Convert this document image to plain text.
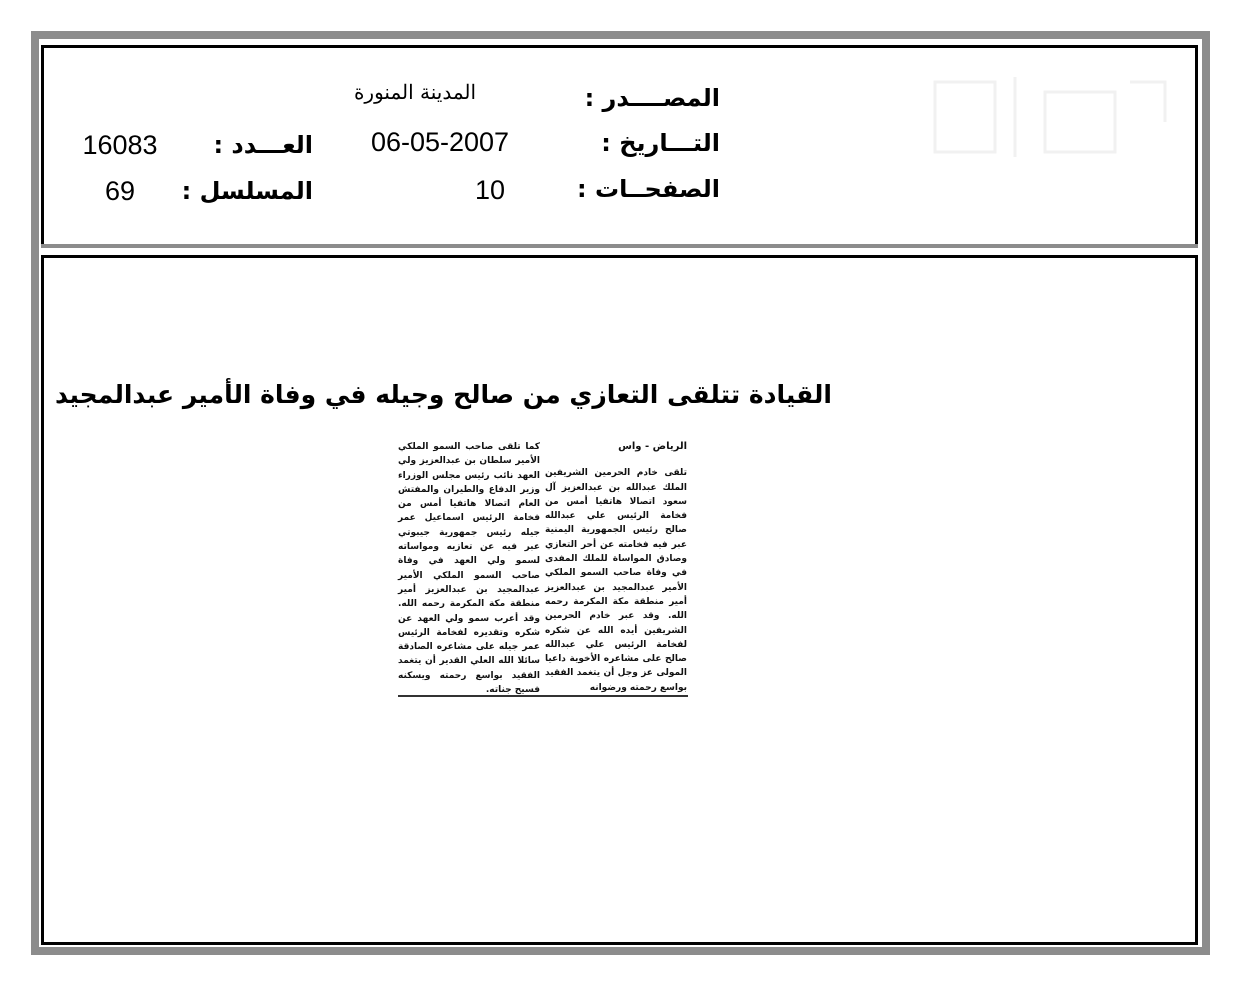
المصــــدر :
التـــاريخ :
الصفحــات :
المدينة المنورة
06-05-2007
10
العـــدد :
16083
المسلسل :
69
القيادة تتلقى التعازي من صالح وجيله في وفاة الأمير عبدالمجيد
الرياض - واس
تلقى خادم الحرمين الشريفين الملك عبدالله بن عبدالعزيز آل سعود اتصالا هاتفيا أمس من فخامة الرئيس علي عبدالله صالح رئيس الجمهورية اليمنية عبر فيه فخامته عن أحر التعازي وصادق المواساة للملك المفدى في وفاة صاحب السمو الملكي الأمير عبدالمجيد بن عبدالعزيز أمير منطقة مكة المكرمة رحمه الله. وقد عبر خادم الحرمين الشريفين أيده الله عن شكره لفخامة الرئيس علي عبدالله صالح على مشاعره الأخوية داعيا المولى عز وجل أن يتغمد الفقيد بواسع رحمته ورضوانه
كما تلقى صاحب السمو الملكي الأمير سلطان بن عبدالعزيز ولي العهد نائب رئيس مجلس الوزراء وزير الدفاع والطيران والمفتش العام اتصالا هاتفيا أمس من فخامة الرئيس اسماعيل عمر جيله رئيس جمهورية جيبوتي عبر فيه عن تعازيه ومواساته لسمو ولي العهد في وفاة صاحب السمو الملكي الأمير عبدالمجيد بن عبدالعزيز أمير منطقة مكة المكرمة رحمه الله. وقد أعرب سمو ولي العهد عن شكره وتقديره لفخامة الرئيس عمر جيله على مشاعره الصادقة سائلا الله العلي القدير أن يتغمد الفقيد بواسع رحمته ويسكنه فسيح جناته.
